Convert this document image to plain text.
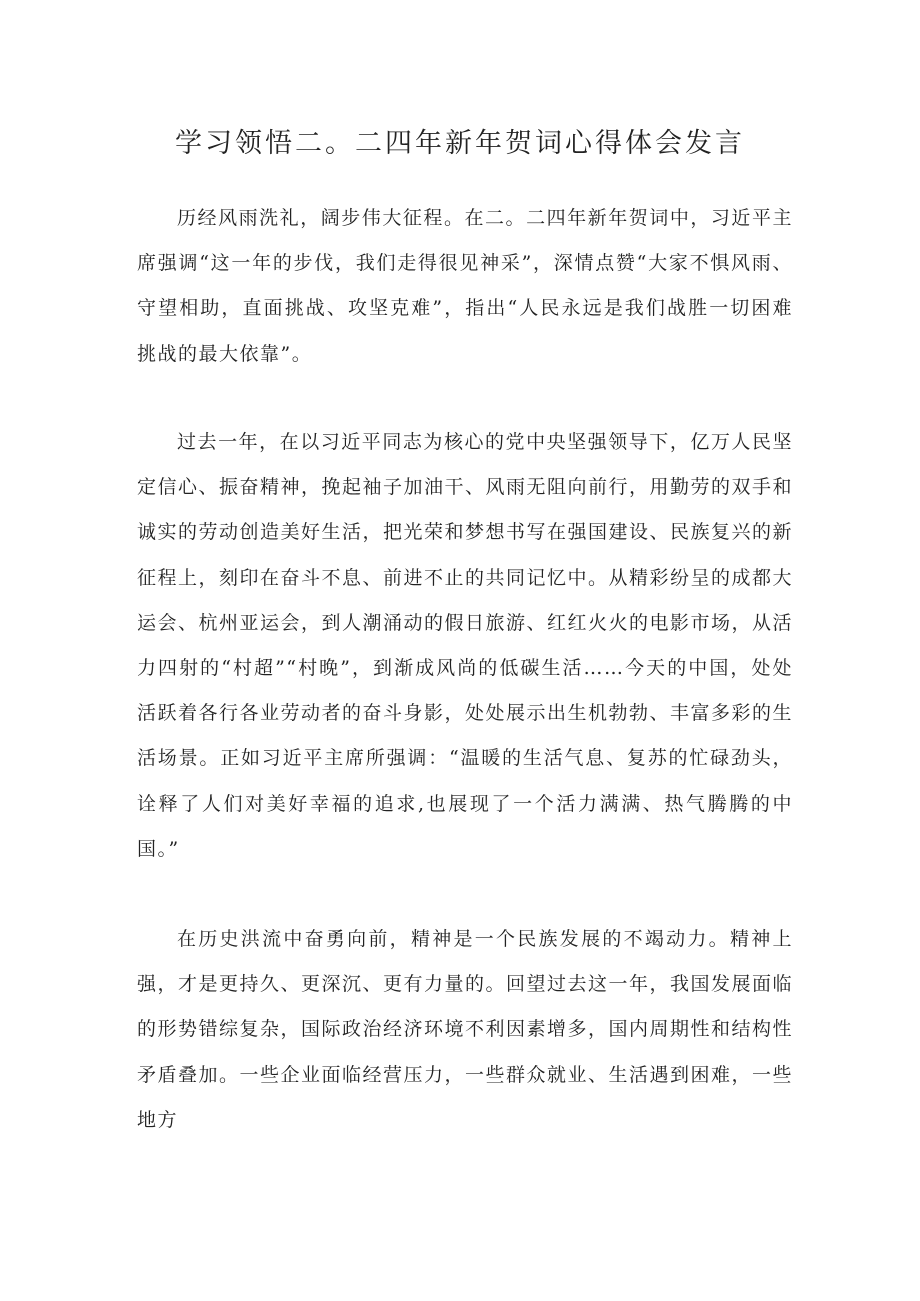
学习领悟二。二四年新年贺词心得体会发言

历经风雨洗礼，阔步伟大征程。在二。二四年新年贺词中，习近平主席强调“这一年的步伐，我们走得很见神采”，深情点赞“大家不惧风雨、守望相助，直面挑战、攻坚克难”，指出“人民永远是我们战胜一切困难挑战的最大依靠”。

过去一年，在以习近平同志为核心的党中央坚强领导下，亿万人民坚定信心、振奋精神，挽起袖子加油干、风雨无阻向前行，用勤劳的双手和诚实的劳动创造美好生活，把光荣和梦想书写在强国建设、民族复兴的新征程上，刻印在奋斗不息、前进不止的共同记忆中。从精彩纷呈的成都大运会、杭州亚运会，到人潮涌动的假日旅游、红红火火的电影市场，从活力四射的“村超”“村晚”，到渐成风尚的低碳生活……今天的中国，处处活跃着各行各业劳动者的奋斗身影，处处展示出生机勃勃、丰富多彩的生活场景。正如习近平主席所强调：“温暖的生活气息、复苏的忙碌劲头，诠释了人们对美好幸福的追求,也展现了一个活力满满、热气腾腾的中国。”

在历史洪流中奋勇向前，精神是一个民族发展的不竭动力。精神上强，才是更持久、更深沉、更有力量的。回望过去这一年，我国发展面临的形势错综复杂，国际政治经济环境不利因素增多，国内周期性和结构性矛盾叠加。一些企业面临经营压力，一些群众就业、生活遇到困难，一些地方
